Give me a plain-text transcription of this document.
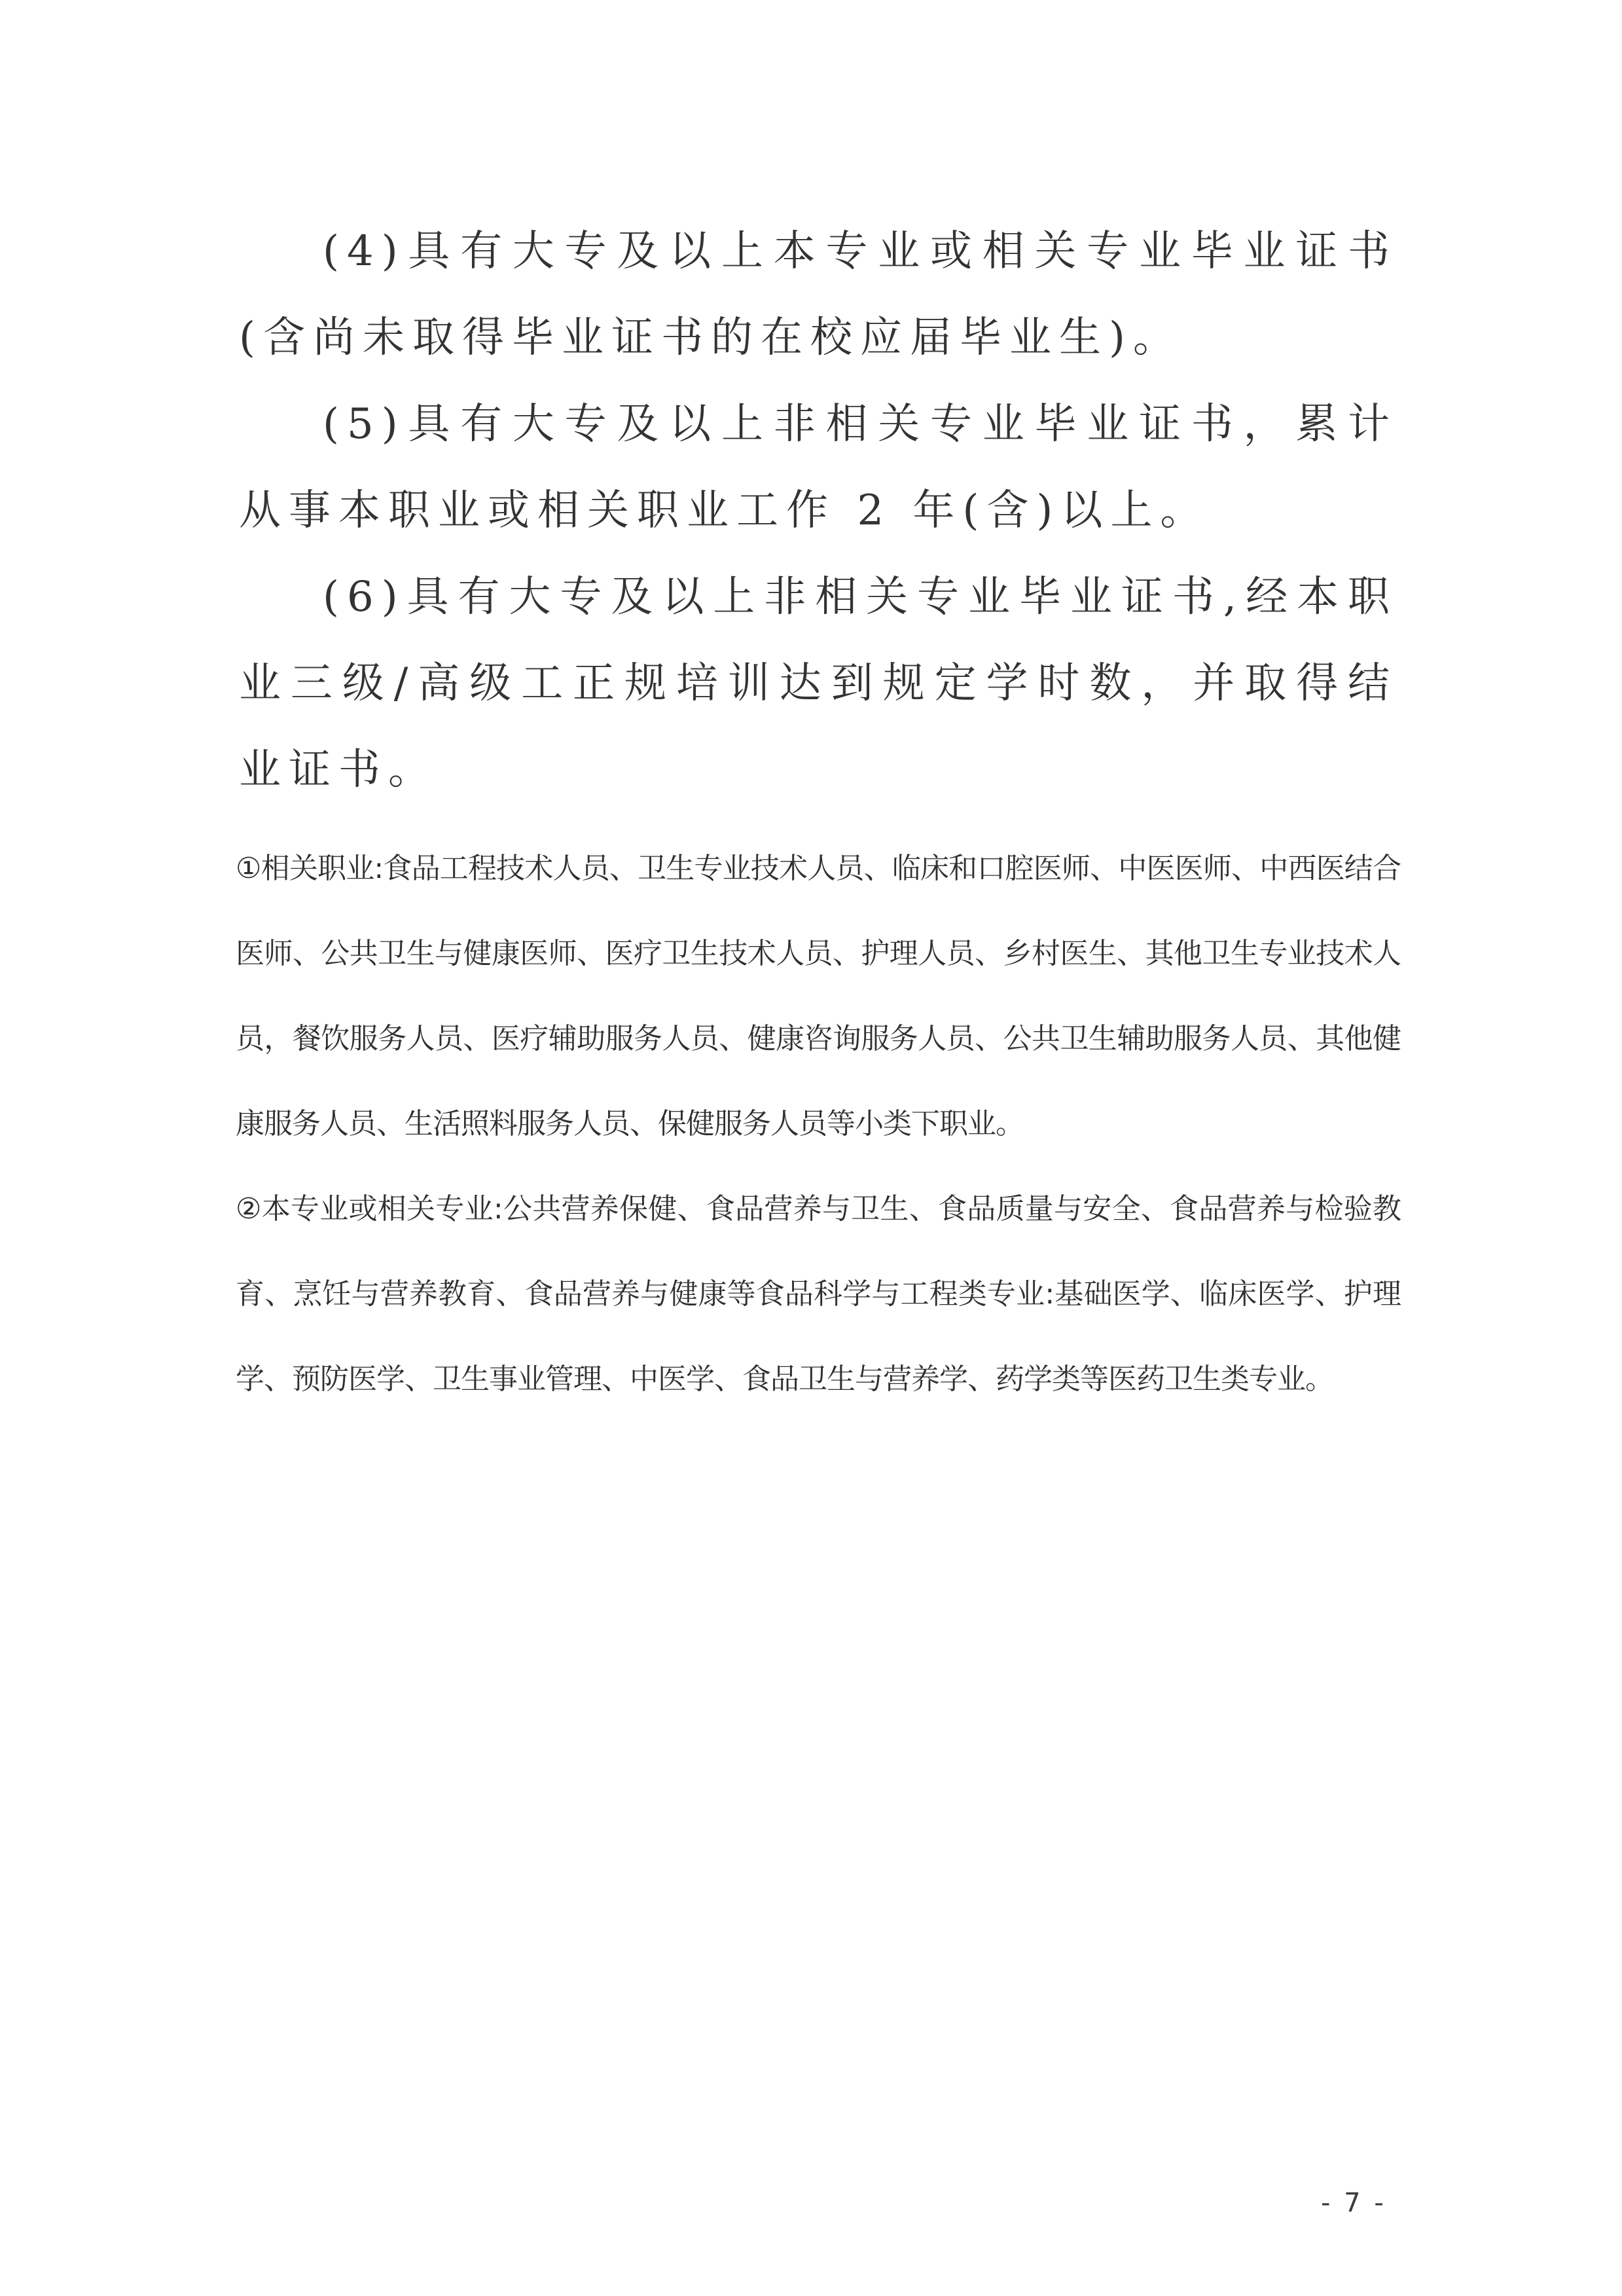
(4)具有大专及以上本专业或相关专业毕业证书(含尚未取得毕业证书的在校应届毕业生)。

(5)具有大专及以上非相关专业毕业证书，累计从事本职业或相关职业工作 2 年(含)以上。

(6)具有大专及以上非相关专业毕业证书,经本职业三级/高级工正规培训达到规定学时数，并取得结业证书。

①相关职业:食品工程技术人员、卫生专业技术人员、临床和口腔医师、中医医师、中西医结合医师、公共卫生与健康医师、医疗卫生技术人员、护理人员、乡村医生、其他卫生专业技术人员，餐饮服务人员、医疗辅助服务人员、健康咨询服务人员、公共卫生辅助服务人员、其他健康服务人员、生活照料服务人员、保健服务人员等小类下职业。

②本专业或相关专业:公共营养保健、食品营养与卫生、食品质量与安全、食品营养与检验教育、烹饪与营养教育、食品营养与健康等食品科学与工程类专业:基础医学、临床医学、护理学、预防医学、卫生事业管理、中医学、食品卫生与营养学、药学类等医药卫生类专业。

- 7 -
